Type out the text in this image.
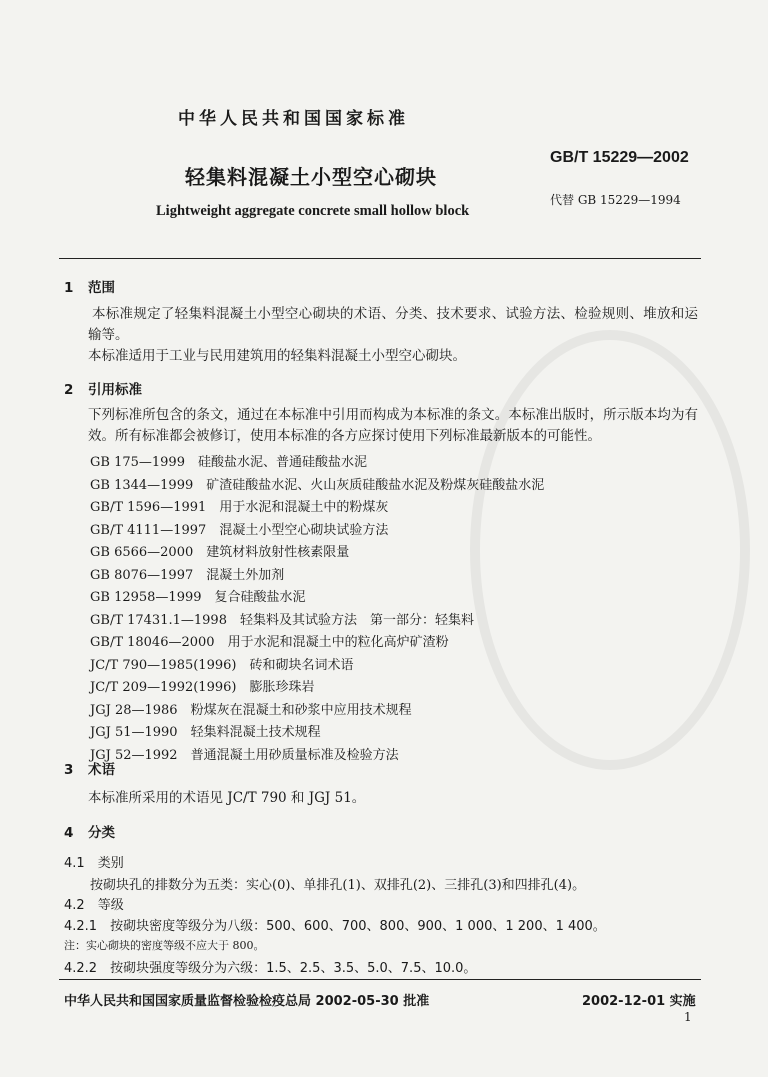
中华人民共和国国家标准
GB/T 15229—2002
轻集料混凝土小型空心砌块
代替 GB 15229—1994
Lightweight aggregate concrete small hollow block
1 范围
本标准规定了轻集料混凝土小型空心砌块的术语、分类、技术要求、试验方法、检验规则、堆放和运输等。
本标准适用于工业与民用建筑用的轻集料混凝土小型空心砌块。
2 引用标准
下列标准所包含的条文，通过在本标准中引用而构成为本标准的条文。本标准出版时，所示版本均为有效。所有标准都会被修订，使用本标准的各方应探讨使用下列标准最新版本的可能性。
GB 175—1999　 硅酸盐水泥、普通硅酸盐水泥
GB 1344—1999　 矿渣硅酸盐水泥、火山灰质硅酸盐水泥及粉煤灰硅酸盐水泥
GB/T 1596—1991　 用于水泥和混凝土中的粉煤灰
GB/T 4111—1997　 混凝土小型空心砌块试验方法
GB 6566—2000　 建筑材料放射性核素限量
GB 8076—1997　 混凝土外加剂
GB 12958—1999　 复合硅酸盐水泥
GB/T 17431.1—1998　 轻集料及其试验方法　第一部分：轻集料
GB/T 18046—2000　 用于水泥和混凝土中的粒化高炉矿渣粉
JC/T 790—1985(1996)　 砖和砌块名词术语
JC/T 209—1992(1996)　 膨胀珍珠岩
JGJ 28—1986　 粉煤灰在混凝土和砂浆中应用技术规程
JGJ 51—1990　 轻集料混凝土技术规程
JGJ 52—1992　 普通混凝土用砂质量标准及检验方法
3 术语
本标准所采用的术语见 JC/T 790 和 JGJ 51。
4 分类
4.1　 类别
按砌块孔的排数分为五类：实心(0)、单排孔(1)、双排孔(2)、三排孔(3)和四排孔(4)。
4.2　 等级
4.2.1　 按砌块密度等级分为八级：500、600、700、800、900、1 000、1 200、1 400。
注：实心砌块的密度等级不应大于 800。
4.2.2　 按砌块强度等级分为六级：1.5、2.5、3.5、5.0、7.5、10.0。
中华人民共和国国家质量监督检验检疫总局 2002-05-30 批准	2002-12-01 实施
1
